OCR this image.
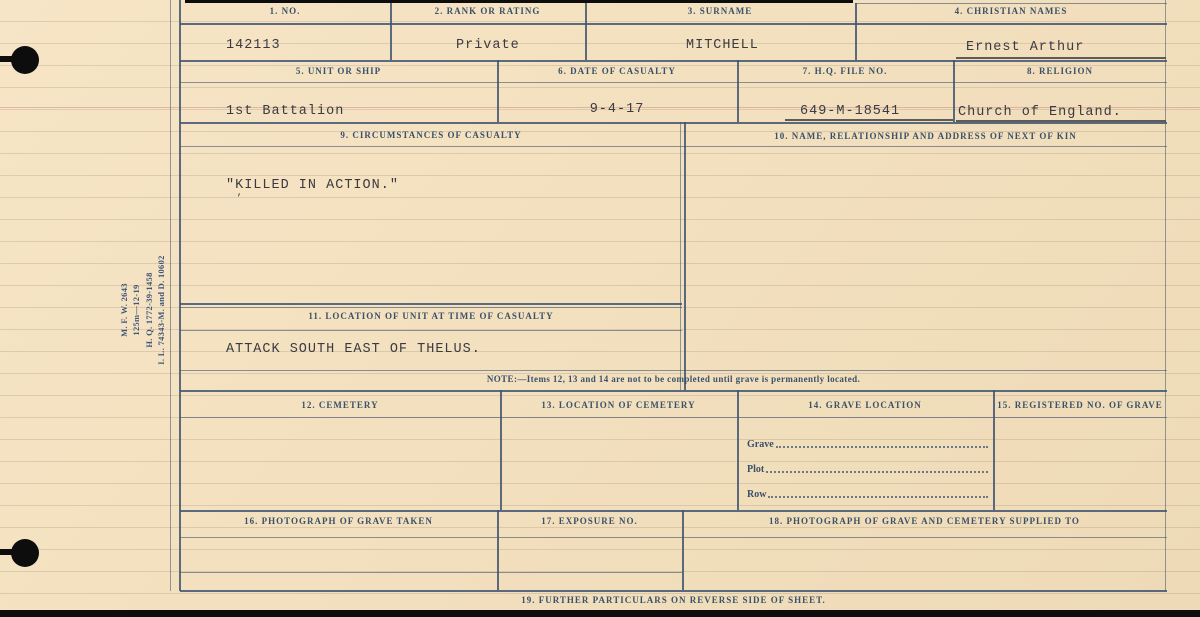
M. F. W. 2643 125m—12-19 H. Q. 1772-39-1458 I. L. 74343-M. and D. 10602
1. NO.	2. RANK OR RATING	3. SURNAME	4. CHRISTIAN NAMES
142113	Private	MITCHELL	Ernest Arthur
5. UNIT OR SHIP	6. DATE OF CASUALTY	7. H.Q. FILE NO.	8. RELIGION
1st Battalion	9-4-17	649-M-18541	Church of England.
9. CIRCUMSTANCES OF CASUALTY	10. NAME, RELATIONSHIP AND ADDRESS OF NEXT OF KIN
"KILLED IN ACTION."
’
11. LOCATION OF UNIT AT TIME OF CASUALTY
ATTACK SOUTH EAST OF THELUS.
NOTE:—Items 12, 13 and 14 are not to be completed until grave is permanently located.
12. CEMETERY	13. LOCATION OF CEMETERY	14. GRAVE LOCATION	15. REGISTERED NO. OF GRAVE
Grave
Plot
Row
16. PHOTOGRAPH OF GRAVE TAKEN	17. EXPOSURE NO.	18. PHOTOGRAPH OF GRAVE AND CEMETERY SUPPLIED TO
19. FURTHER PARTICULARS ON REVERSE SIDE OF SHEET.
